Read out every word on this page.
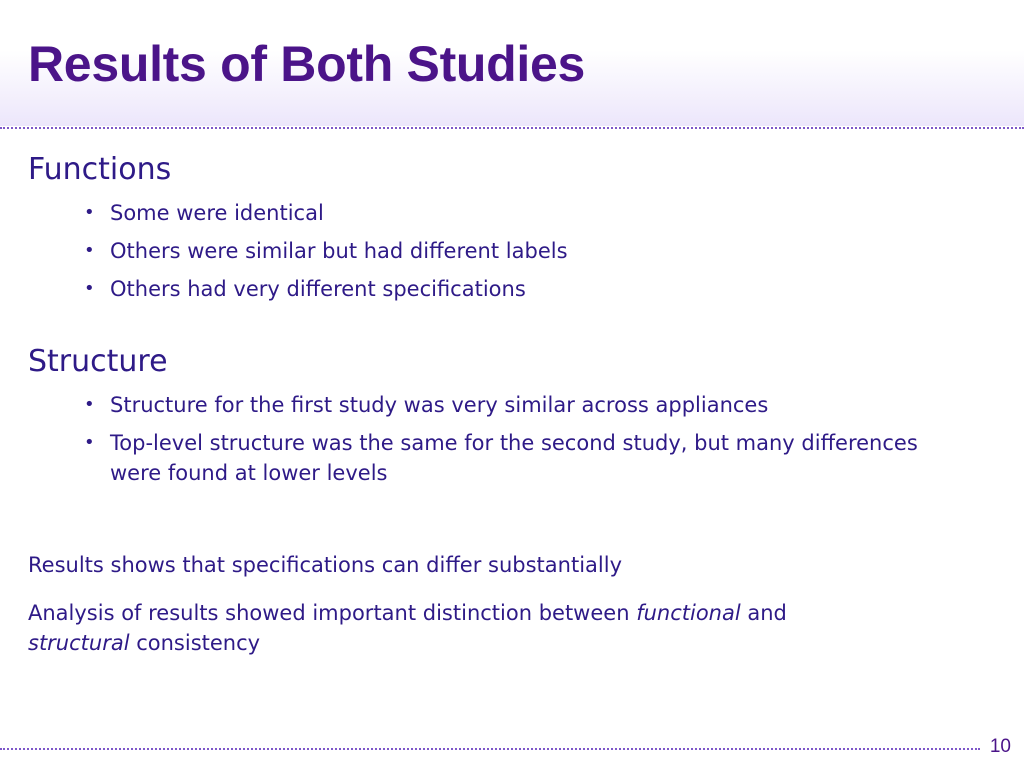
Results of Both Studies
Functions
• Some were identical
• Others were similar but had different labels
• Others had very different specifications
Structure
• Structure for the first study was very similar across appliances
• Top-level structure was the same for the second study, but many differences were found at lower levels

Results shows that specifications can differ substantially

Analysis of results showed important distinction between functional and
structural consistency

10
